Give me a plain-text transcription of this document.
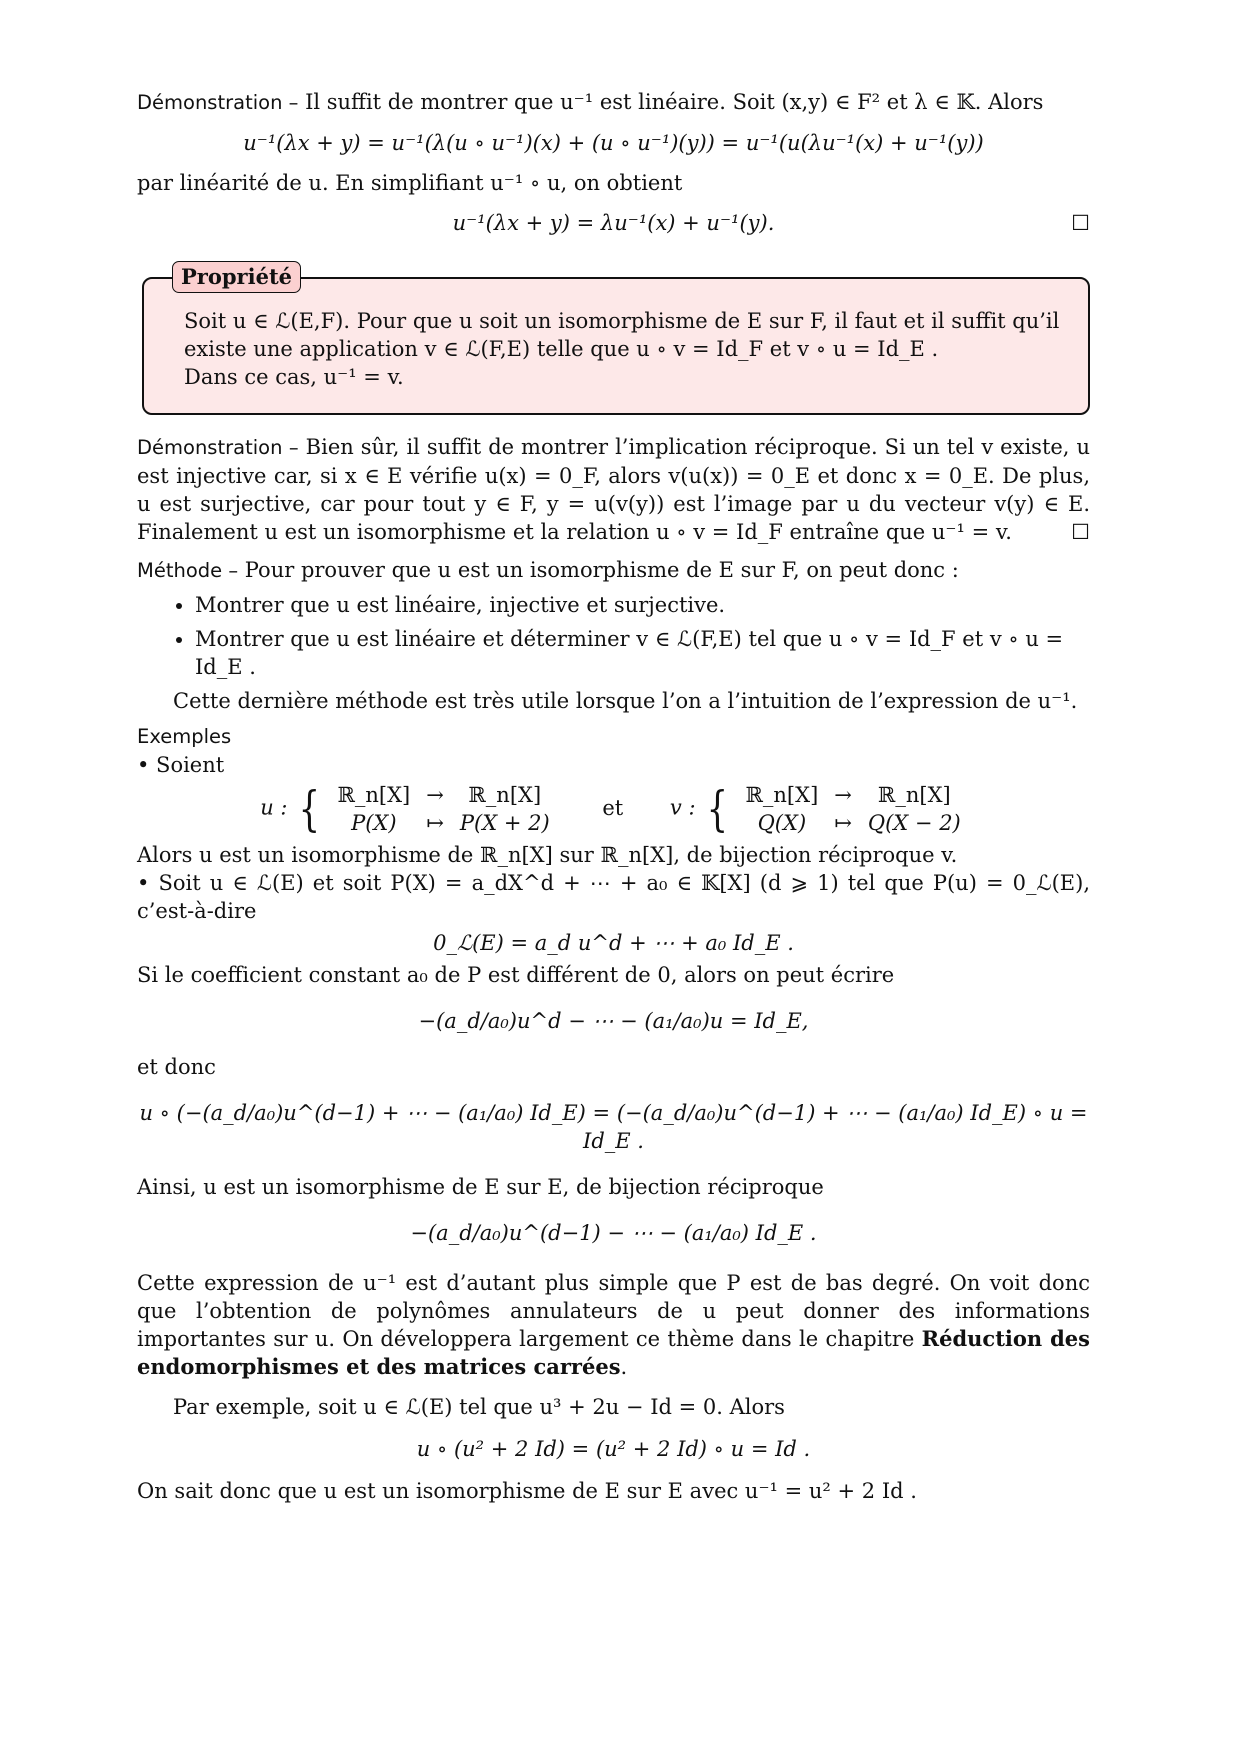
Démonstration – Il suffit de montrer que u⁻¹ est linéaire. Soit (x,y) ∈ F² et λ ∈ 𝕂. Alors

u⁻¹(λx + y) = u⁻¹(λ(u ∘ u⁻¹)(x) + (u ∘ u⁻¹)(y)) = u⁻¹(u(λu⁻¹(x) + u⁻¹(y))

par linéarité de u. En simplifiant u⁻¹ ∘ u, on obtient

u⁻¹(λx + y) = λu⁻¹(x) + u⁻¹(y).	☐
Propriété

Soit u ∈ ℒ(E,F). Pour que u soit un isomorphisme de E sur F, il faut et il suffit qu’il

existe une application v ∈ ℒ(F,E) telle que u ∘ v = Id_F et v ∘ u = Id_E .

Dans ce cas, u⁻¹ = v.

Démonstration – Bien sûr, il suffit de montrer l’implication réciproque. Si un tel v existe, u est injective car, si x ∈ E vérifie u(x) = 0_F, alors v(u(x)) = 0_E et donc x = 0_E. De plus, u est surjective, car pour tout y ∈ F, y = u(v(y)) est l’image par u du vecteur v(y) ∈ E. Finalement u est un isomorphisme et la relation u ∘ v = Id_F entraîne que u⁻¹ = v.	☐

Méthode – Pour prouver que u est un isomorphisme de E sur F, on peut donc :

• Montrer que u est linéaire, injective et surjective.
• Montrer que u est linéaire et déterminer v ∈ ℒ(F,E) tel que u ∘ v = Id_F et v ∘ u = Id_E .

Cette dernière méthode est très utile lorsque l’on a l’intuition de l’expression de u⁻¹.

Exemples

• Soient

u : { ℝ_n[X]	→	ℝ_n[X]
P(X)	↦	P(X + 2)
et v : { ℝ_n[X]	→	ℝ_n[X]
Q(X)	↦	Q(X − 2)

Alors u est un isomorphisme de ℝ_n[X] sur ℝ_n[X], de bijection réciproque v.

• Soit u ∈ ℒ(E) et soit P(X) = a_dX^d + ⋯ + a₀ ∈ 𝕂[X] (d ⩾ 1) tel que P(u) = 0_ℒ(E), c’est-à-dire

0_ℒ(E) = a_d u^d + ⋯ + a₀ Id_E .

Si le coefficient constant a₀ de P est différent de 0, alors on peut écrire

−(a_d/a₀)u^d − ⋯ − (a₁/a₀)u = Id_E,

et donc

u ∘ (−(a_d/a₀)u^(d−1) + ⋯ − (a₁/a₀) Id_E) = (−(a_d/a₀)u^(d−1) + ⋯ − (a₁/a₀) Id_E) ∘ u = Id_E .

Ainsi, u est un isomorphisme de E sur E, de bijection réciproque

−(a_d/a₀)u^(d−1) − ⋯ − (a₁/a₀) Id_E .

Cette expression de u⁻¹ est d’autant plus simple que P est de bas degré. On voit donc que l’obtention de polynômes annulateurs de u peut donner des informations importantes sur u. On développera largement ce thème dans le chapitre Réduction des endomorphismes et des matrices carrées.

Par exemple, soit u ∈ ℒ(E) tel que u³ + 2u − Id = 0. Alors

u ∘ (u² + 2 Id) = (u² + 2 Id) ∘ u = Id .

On sait donc que u est un isomorphisme de E sur E avec u⁻¹ = u² + 2 Id .
